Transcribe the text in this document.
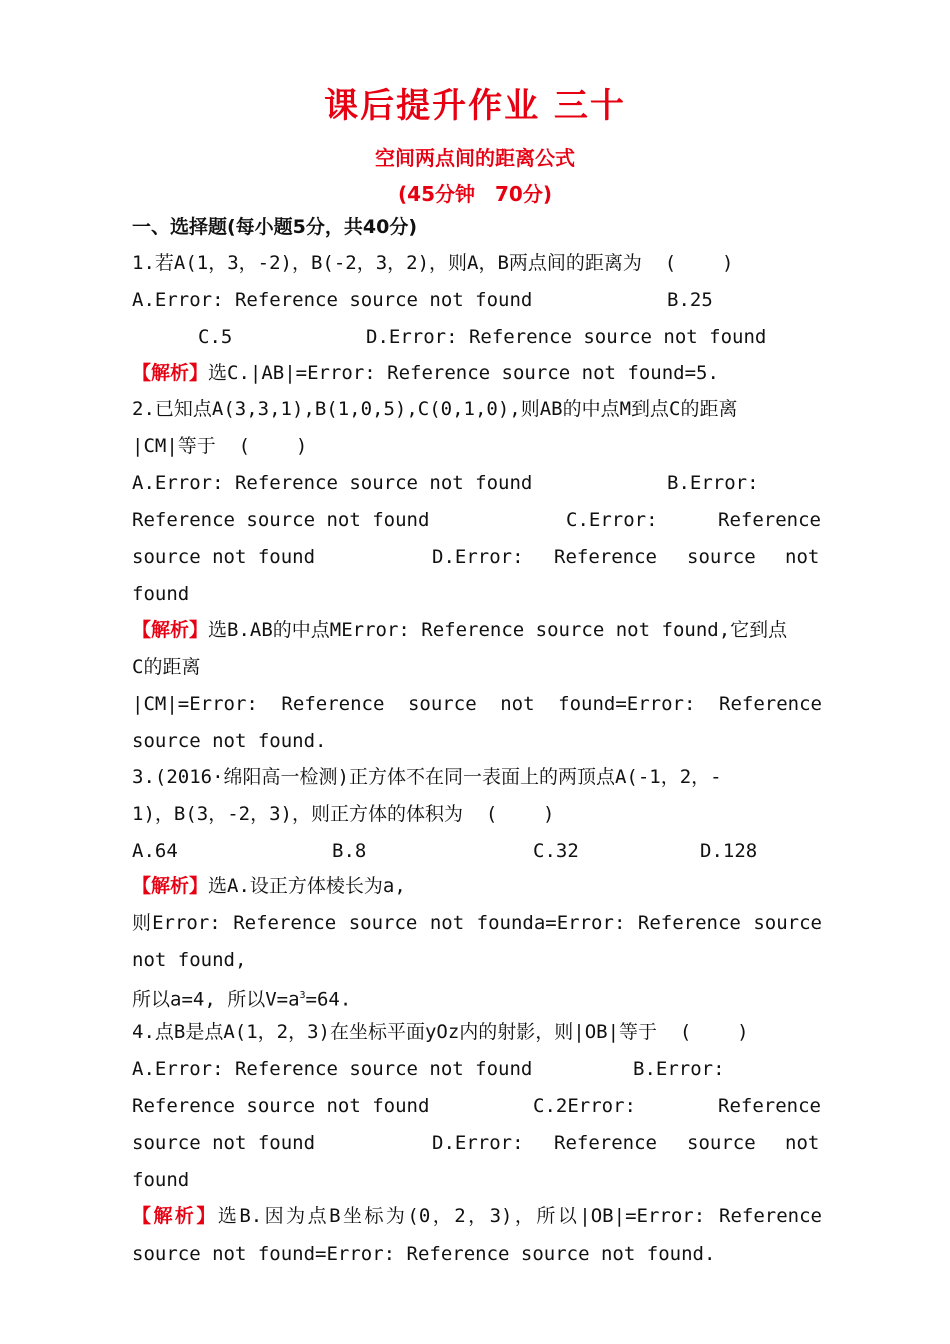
课后提升作业 三十
空间两点间的距离公式
(45分钟　70分)
一、选择题(每小题5分，共40分)
1.若A(1，3，-2)，B(-2，3，2)，则A，B两点间的距离为  (    )
A.Error: Reference source not found	B.25
C.5	D.Error: Reference source not found
【解析】选C.|AB|=Error: Reference source not found=5.
2.已知点A(3,3,1),B(1,0,5),C(0,1,0),则AB的中点M到点C的距离
|CM|等于  (    )
A.Error: Reference source not found	B.Error:
Reference source not found	C.Error:	Reference
source not found	D.Error: Reference source not
found
【解析】选B.AB的中点MError: Reference source not found,它到点
C的距离
|CM|=Error: Reference source not found=Error: Reference
source not found.
3.(2016·绵阳高一检测)正方体不在同一表面上的两顶点A(-1，2，-
1)，B(3，-2，3)，则正方体的体积为  (    )
A.64	B.8	C.32	D.128
【解析】选A.设正方体棱长为a,
则Error: Reference source not founda=Error: Reference source
not found,
所以a=4, 所以$V=a^3=64$.
4.点B是点A(1，2，3)在坐标平面yOz内的射影，则|OB|等于  (    )
A.Error: Reference source not found	B.Error:
Reference source not found	C.2Error:	Reference
source not found	D.Error: Reference source not
found
【解析】选B.因为点B坐标为(0，2，3)，所以|OB|=Error: Reference
source not found=Error: Reference source not found.
